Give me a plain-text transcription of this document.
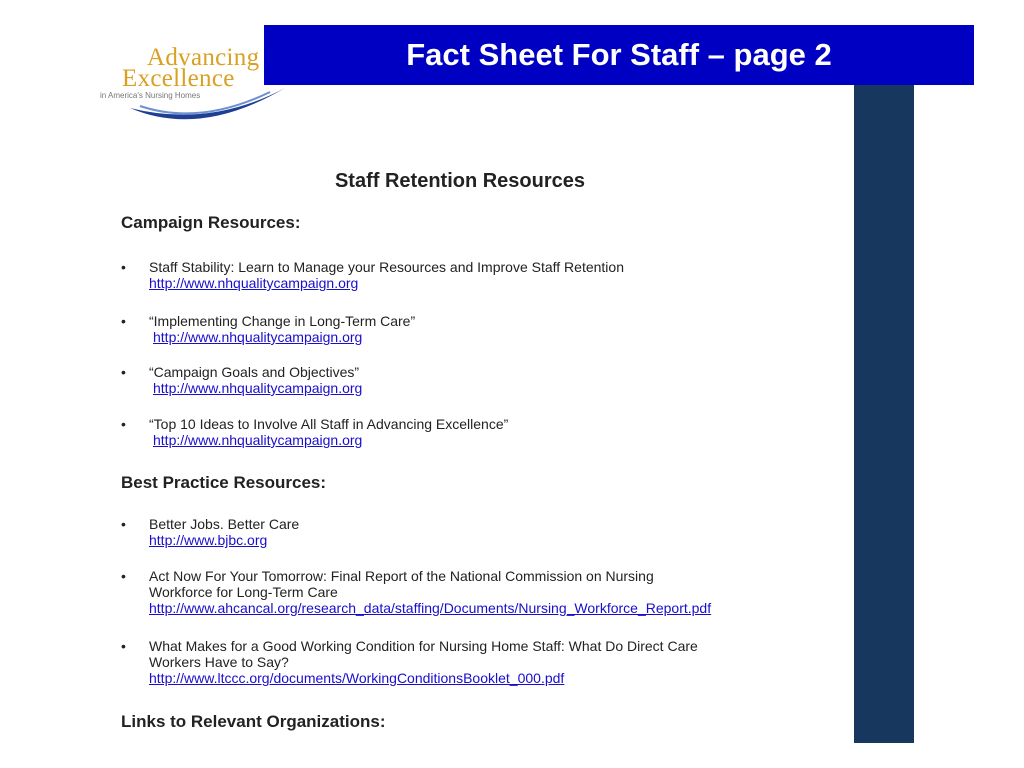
Advancing
Excellence
in America's Nursing Homes
Fact Sheet For Staff – page 2
Staff Retention Resources
Campaign Resources:
• Staff Stability: Learn to Manage your Resources and Improve Staff Retention
http://www.nhqualitycampaign.org
• “Implementing Change in Long-Term Care”
http://www.nhqualitycampaign.org
• “Campaign Goals and Objectives”
http://www.nhqualitycampaign.org
• “Top 10 Ideas to Involve All Staff in Advancing Excellence”
http://www.nhqualitycampaign.org
Best Practice Resources:
• Better Jobs. Better Care
http://www.bjbc.org
• Act Now For Your Tomorrow: Final Report of the National Commission on Nursing
Workforce for Long-Term Care
http://www.ahcancal.org/research_data/staffing/Documents/Nursing_Workforce_Report.pdf
• What Makes for a Good Working Condition for Nursing Home Staff: What Do Direct Care
Workers Have to Say?
http://www.ltccc.org/documents/WorkingConditionsBooklet_000.pdf
Links to Relevant Organizations:
